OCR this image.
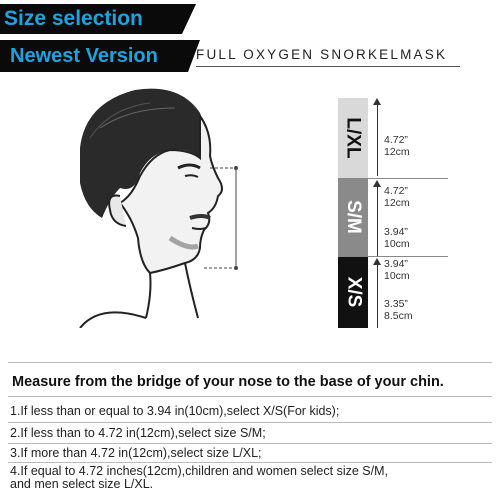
Size selection
Newest Version	FULL OXYGEN SNORKELMASK
L/XL
S/M
X/S
4.72”
12cm
4.72”
12cm
3.94”
10cm
3.94”
10cm
3.35”
8.5cm
Measure from the bridge of your nose to the base of your chin.
1.If less than or equal to 3.94 in(10cm),select X/S(For kids);
2.If less than to 4.72 in(12cm),select size S/M;
3.If more than 4.72 in(12cm),select size L/XL;
4.If equal to 4.72 inches(12cm),children and women select size S/M,
and men select size L/XL.
